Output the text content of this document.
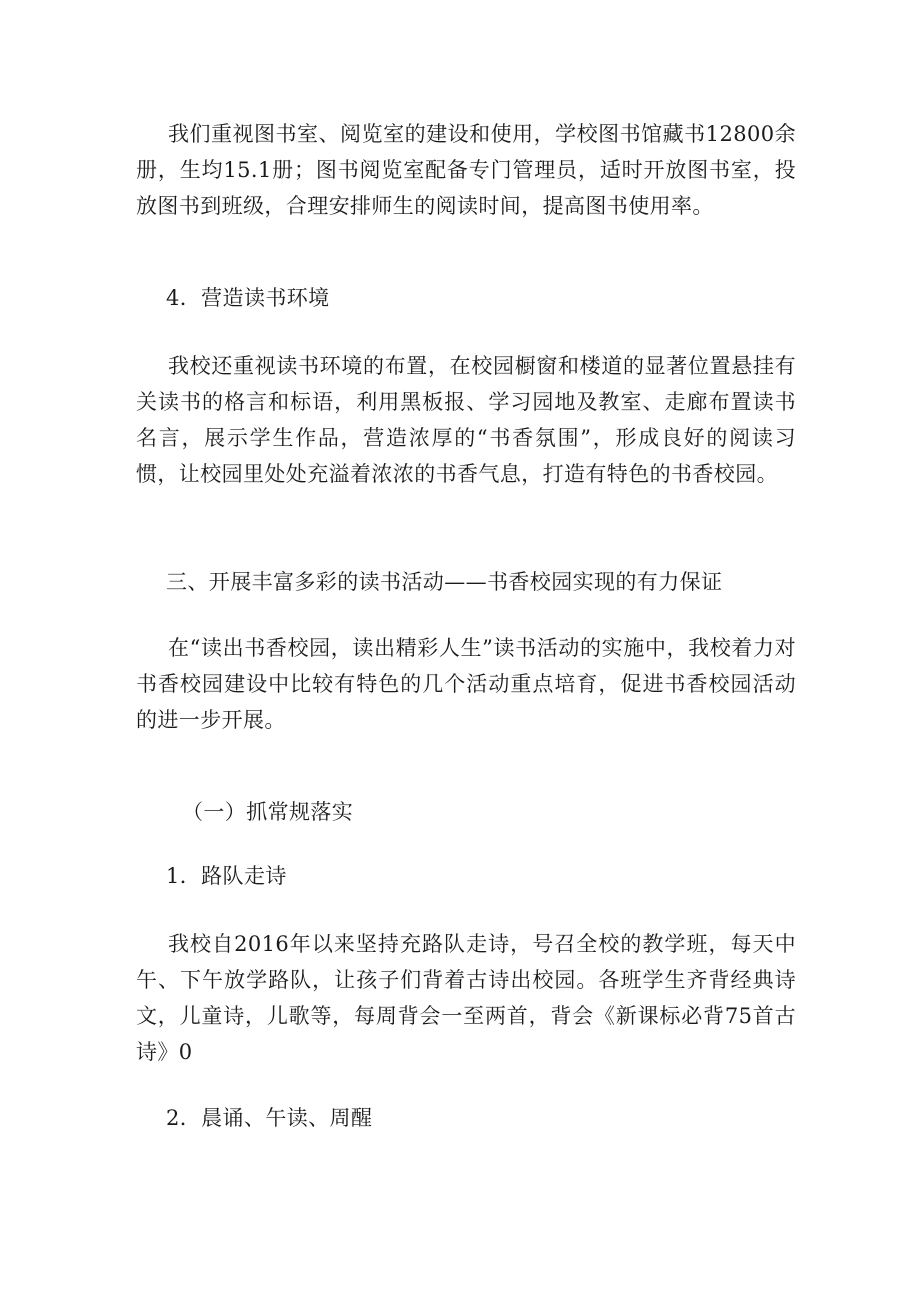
我们重视图书室、阅览室的建设和使用，学校图书馆藏书12800余册，生均15.1册；图书阅览室配备专门管理员，适时开放图书室，投放图书到班级，合理安排师生的阅读时间，提高图书使用率。

4．营造读书环境

我校还重视读书环境的布置，在校园橱窗和楼道的显著位置悬挂有关读书的格言和标语，利用黑板报、学习园地及教室、走廊布置读书名言，展示学生作品，营造浓厚的“书香氛围”，形成良好的阅读习惯，让校园里处处充溢着浓浓的书香气息，打造有特色的书香校园。

三、开展丰富多彩的读书活动——书香校园实现的有力保证

在“读出书香校园，读出精彩人生”读书活动的实施中，我校着力对书香校园建设中比较有特色的几个活动重点培育，促进书香校园活动的进一步开展。

（一）抓常规落实

1．路队走诗

我校自2016年以来坚持充路队走诗，号召全校的教学班，每天中午、下午放学路队，让孩子们背着古诗出校园。各班学生齐背经典诗文，儿童诗，儿歌等，每周背会一至两首，背会《新课标必背75首古诗》0

2．晨诵、午读、周醒
